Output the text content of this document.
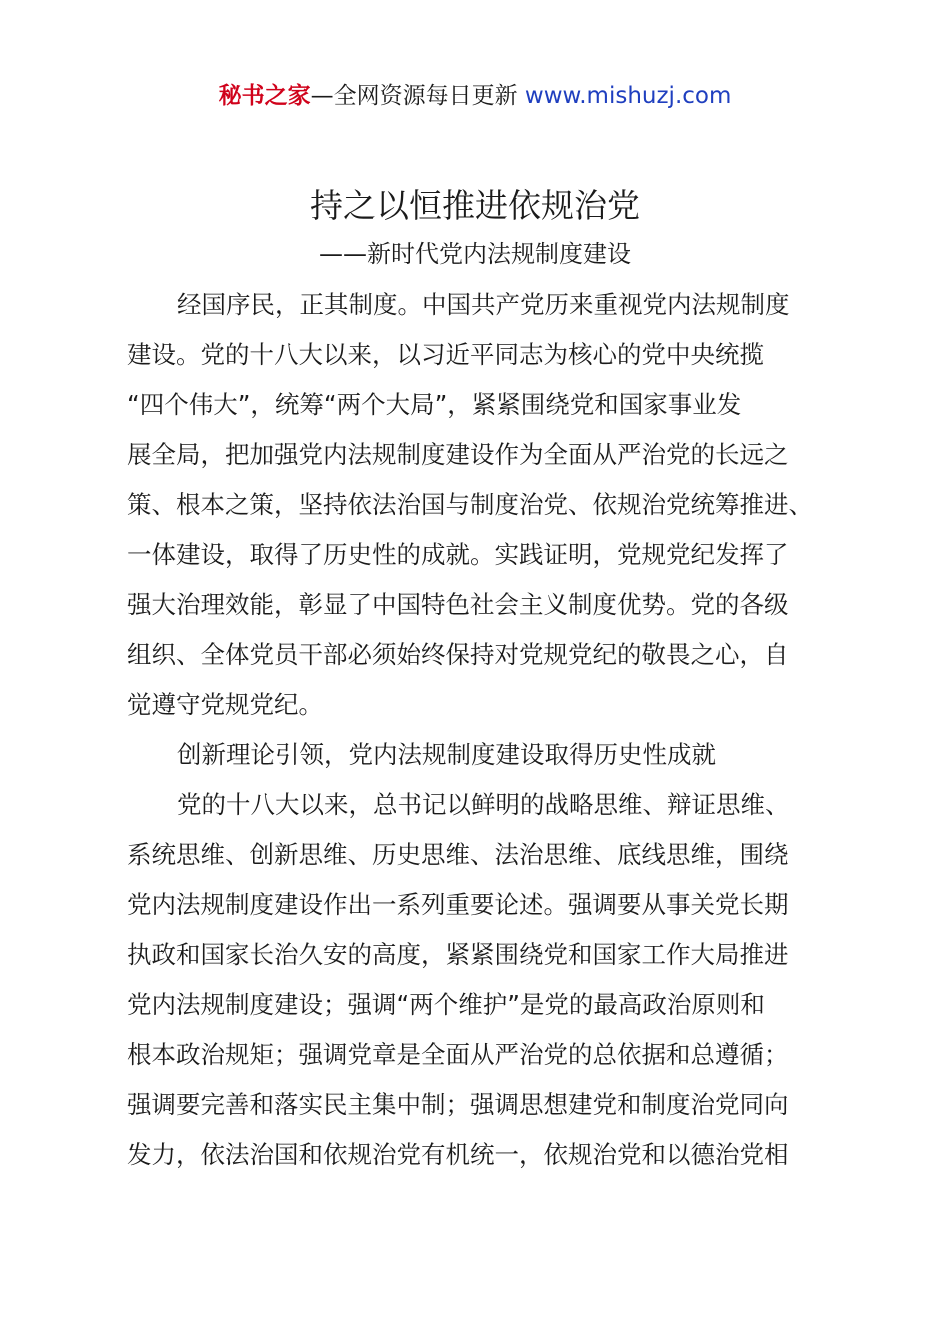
秘书之家—全网资源每日更新 www.mishuzj.com
持之以恒推进依规治党
——新时代党内法规制度建设
经国序民，正其制度。中国共产党历来重视党内法规制度
建设。党的十八大以来，以习近平同志为核心的党中央统揽
“四个伟大”，统筹“两个大局”，紧紧围绕党和国家事业发
展全局，把加强党内法规制度建设作为全面从严治党的长远之
策、根本之策，坚持依法治国与制度治党、依规治党统筹推进、
一体建设，取得了历史性的成就。实践证明，党规党纪发挥了
强大治理效能，彰显了中国特色社会主义制度优势。党的各级
组织、全体党员干部必须始终保持对党规党纪的敬畏之心，自
觉遵守党规党纪。
创新理论引领，党内法规制度建设取得历史性成就
党的十八大以来，总书记以鲜明的战略思维、辩证思维、
系统思维、创新思维、历史思维、法治思维、底线思维，围绕
党内法规制度建设作出一系列重要论述。强调要从事关党长期
执政和国家长治久安的高度，紧紧围绕党和国家工作大局推进
党内法规制度建设；强调“两个维护”是党的最高政治原则和
根本政治规矩；强调党章是全面从严治党的总依据和总遵循；
强调要完善和落实民主集中制；强调思想建党和制度治党同向
发力，依法治国和依规治党有机统一，依规治党和以德治党相
